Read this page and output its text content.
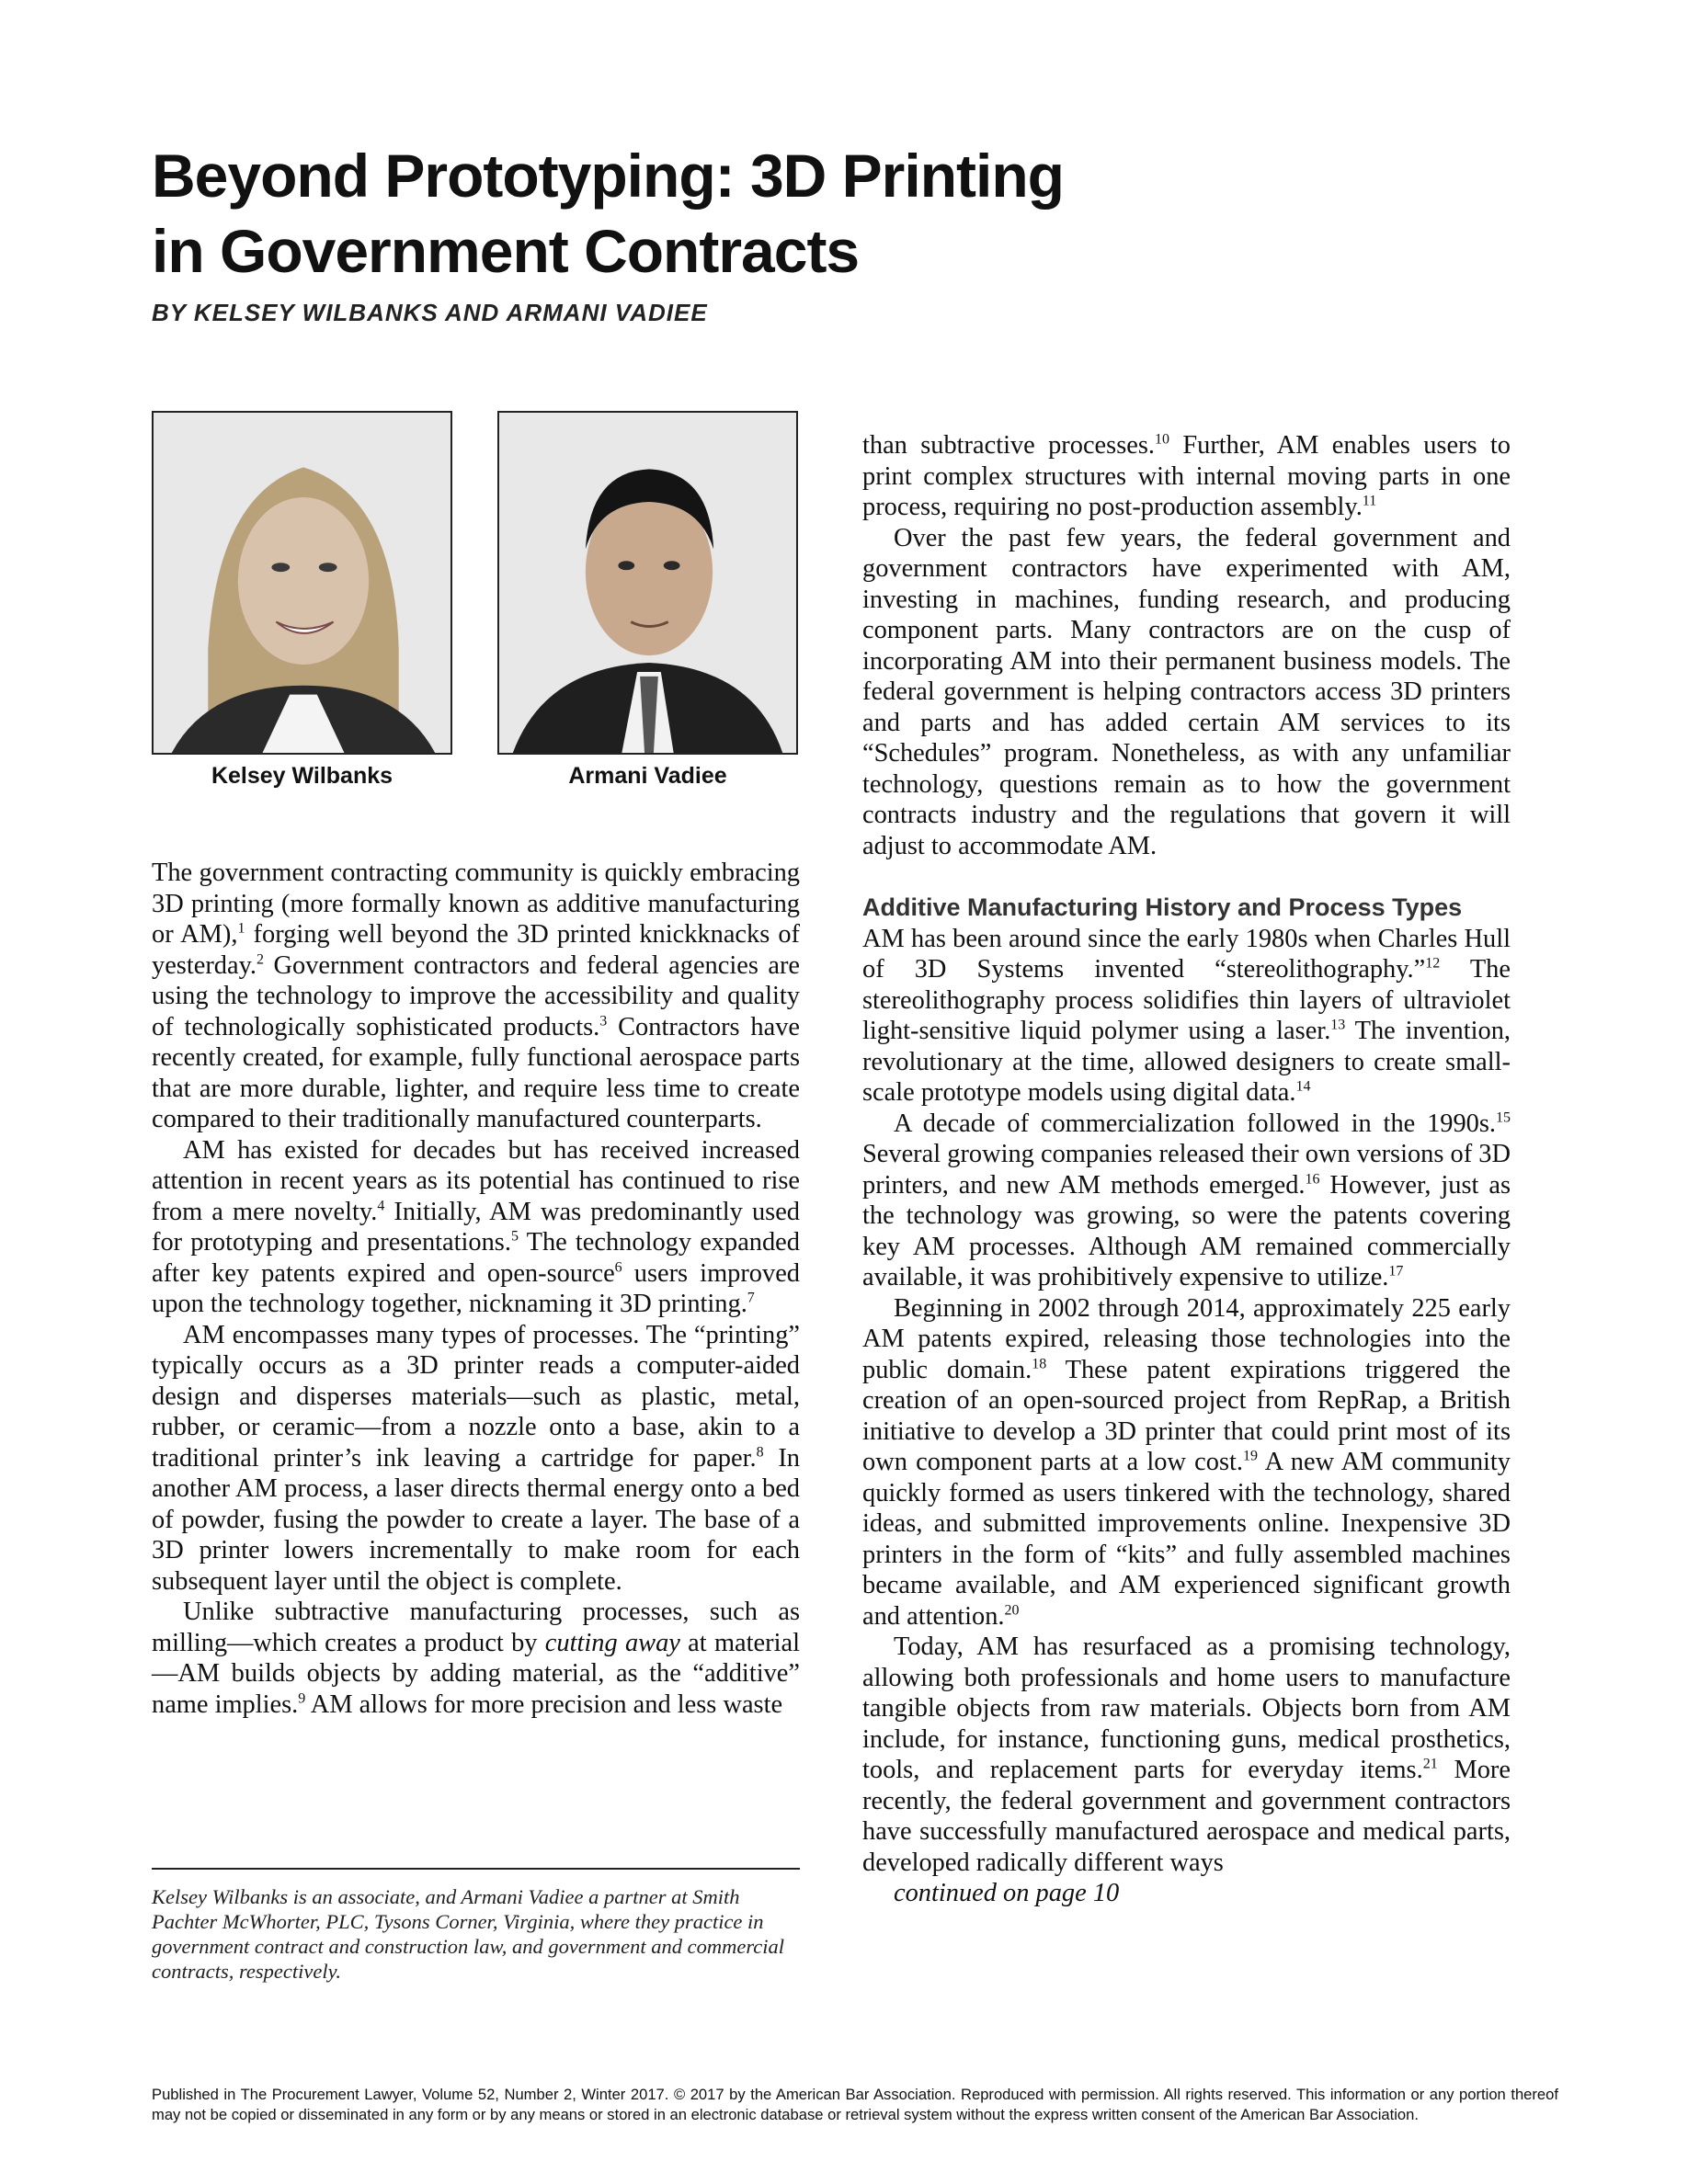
Beyond Prototyping: 3D Printing
in Government Contracts
BY KELSEY WILBANKS AND ARMANI VADIEE
Kelsey Wilbanks	Armani Vadiee

The government contracting community is quickly embracing 3D printing (more formally known as additive manufacturing or AM),$^1$ forging well beyond the 3D printed knickknacks of yesterday.$^2$ Government contractors and federal agencies are using the technology to improve the accessibility and quality of technologically sophisticated products.$^3$ Contractors have recently created, for example, fully functional aerospace parts that are more durable, lighter, and require less time to create compared to their traditionally manufactured counterparts.

AM has existed for decades but has received increased attention in recent years as its potential has continued to rise from a mere novelty.$^4$ Initially, AM was predominantly used for prototyping and presentations.$^5$ The technology expanded after key patents expired and open-source$^6$ users improved upon the technology together, nicknaming it 3D printing.$^7$

AM encompasses many types of processes. The “printing” typically occurs as a 3D printer reads a computer-aided design and disperses materials—such as plastic, metal, rubber, or ceramic—from a nozzle onto a base, akin to a traditional printer’s ink leaving a cartridge for paper.$^8$ In another AM process, a laser directs thermal energy onto a bed of powder, fusing the powder to create a layer. The base of a 3D printer lowers incrementally to make room for each subsequent layer until the object is complete.

Unlike subtractive manufacturing processes, such as milling—which creates a product by cutting away at material—AM builds objects by adding material, as the “additive” name implies.$^9$ AM allows for more precision and less waste

than subtractive processes.$^{10}$ Further, AM enables users to print complex structures with internal moving parts in one process, requiring no post-production assembly.$^{11}$

Over the past few years, the federal government and government contractors have experimented with AM, investing in machines, funding research, and producing component parts. Many contractors are on the cusp of incorporating AM into their permanent business models. The federal government is helping contractors access 3D printers and parts and has added certain AM services to its “Schedules” program. Nonetheless, as with any unfamiliar technology, questions remain as to how the government contracts industry and the regulations that govern it will adjust to accommodate AM.

Additive Manufacturing History and Process Types

AM has been around since the early 1980s when Charles Hull of 3D Systems invented “stereolithography.”$^{12}$ The stereolithography process solidifies thin layers of ultraviolet light-sensitive liquid polymer using a laser.$^{13}$ The invention, revolutionary at the time, allowed designers to create small-scale prototype models using digital data.$^{14}$

A decade of commercialization followed in the 1990s.$^{15}$ Several growing companies released their own versions of 3D printers, and new AM methods emerged.$^{16}$ However, just as the technology was growing, so were the patents covering key AM processes. Although AM remained commercially available, it was prohibitively expensive to utilize.$^{17}$

Beginning in 2002 through 2014, approximately 225 early AM patents expired, releasing those technologies into the public domain.$^{18}$ These patent expirations triggered the creation of an open-sourced project from RepRap, a British initiative to develop a 3D printer that could print most of its own component parts at a low cost.$^{19}$ A new AM community quickly formed as users tinkered with the technology, shared ideas, and submitted improvements online. Inexpensive 3D printers in the form of “kits” and fully assembled machines became available, and AM experienced significant growth and attention.$^{20}$

Today, AM has resurfaced as a promising technology, allowing both professionals and home users to manufacture tangible objects from raw materials. Objects born from AM include, for instance, functioning guns, medical prosthetics, tools, and replacement parts for everyday items.$^{21}$ More recently, the federal government and government contractors have successfully manufactured aerospace and medical parts, developed radically different ways

continued on page 10

Kelsey Wilbanks is an associate, and Armani Vadiee a partner at Smith Pachter McWhorter, PLC, Tysons Corner, Virginia, where they practice in government contract and construction law, and government and commercial contracts, respectively.
Published in The Procurement Lawyer, Volume 52, Number 2, Winter 2017. © 2017 by the American Bar Association. Reproduced with permission. All rights reserved. This information or any portion thereof may not be copied or disseminated in any form or by any means or stored in an electronic database or retrieval system without the express written consent of the American Bar Association.
